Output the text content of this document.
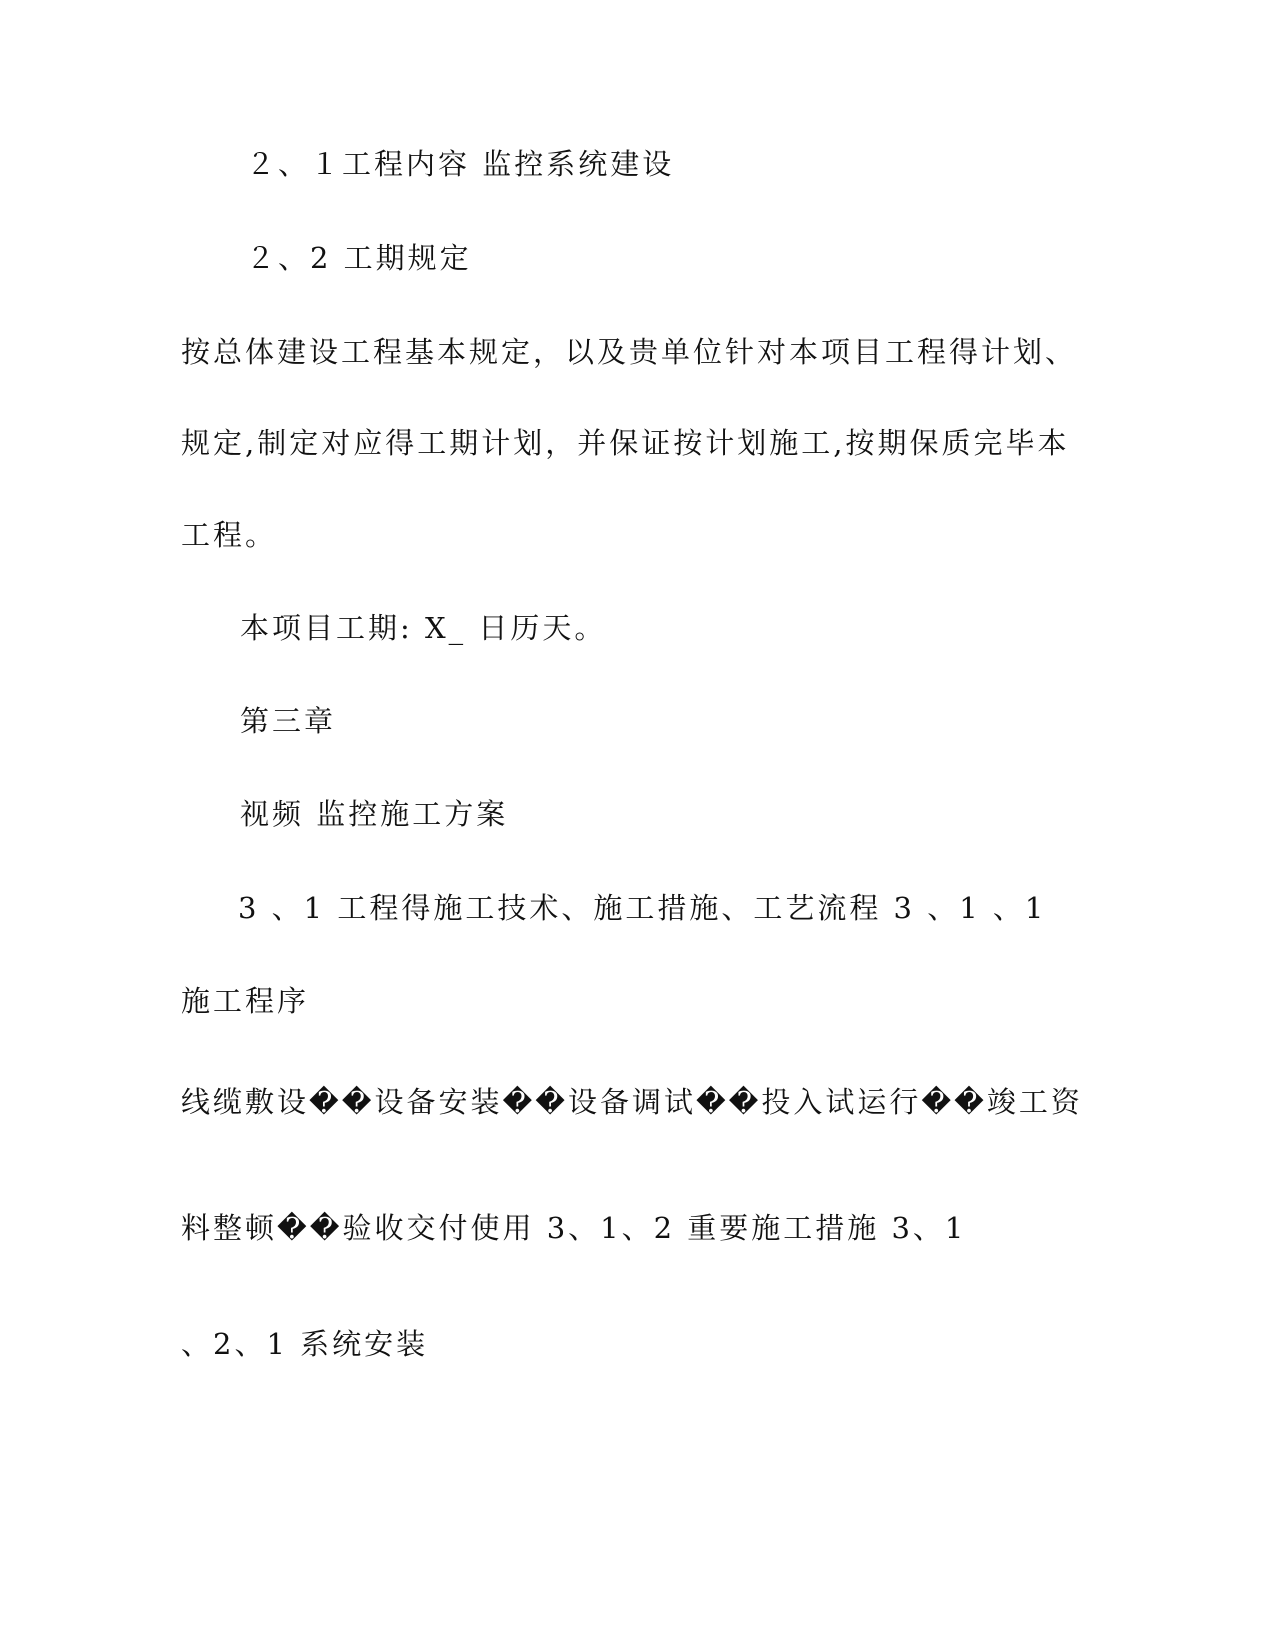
２、１工程内容 监控系统建设
２、2 工期规定
按总体建设工程基本规定，以及贵单位针对本项目工程得计划、
规定,制定对应得工期计划，并保证按计划施工,按期保质完毕本
工程。
本项目工期: X_ 日历天。
第三章
视频 监控施工方案
3 、1 工程得施工技术、施工措施、工艺流程 3 、1 、1
施工程序
线缆敷设��设备安装��设备调试��投入试运行��竣工资
料整顿��验收交付使用 3、1、2 重要施工措施 3、1
、2、1 系统安装
